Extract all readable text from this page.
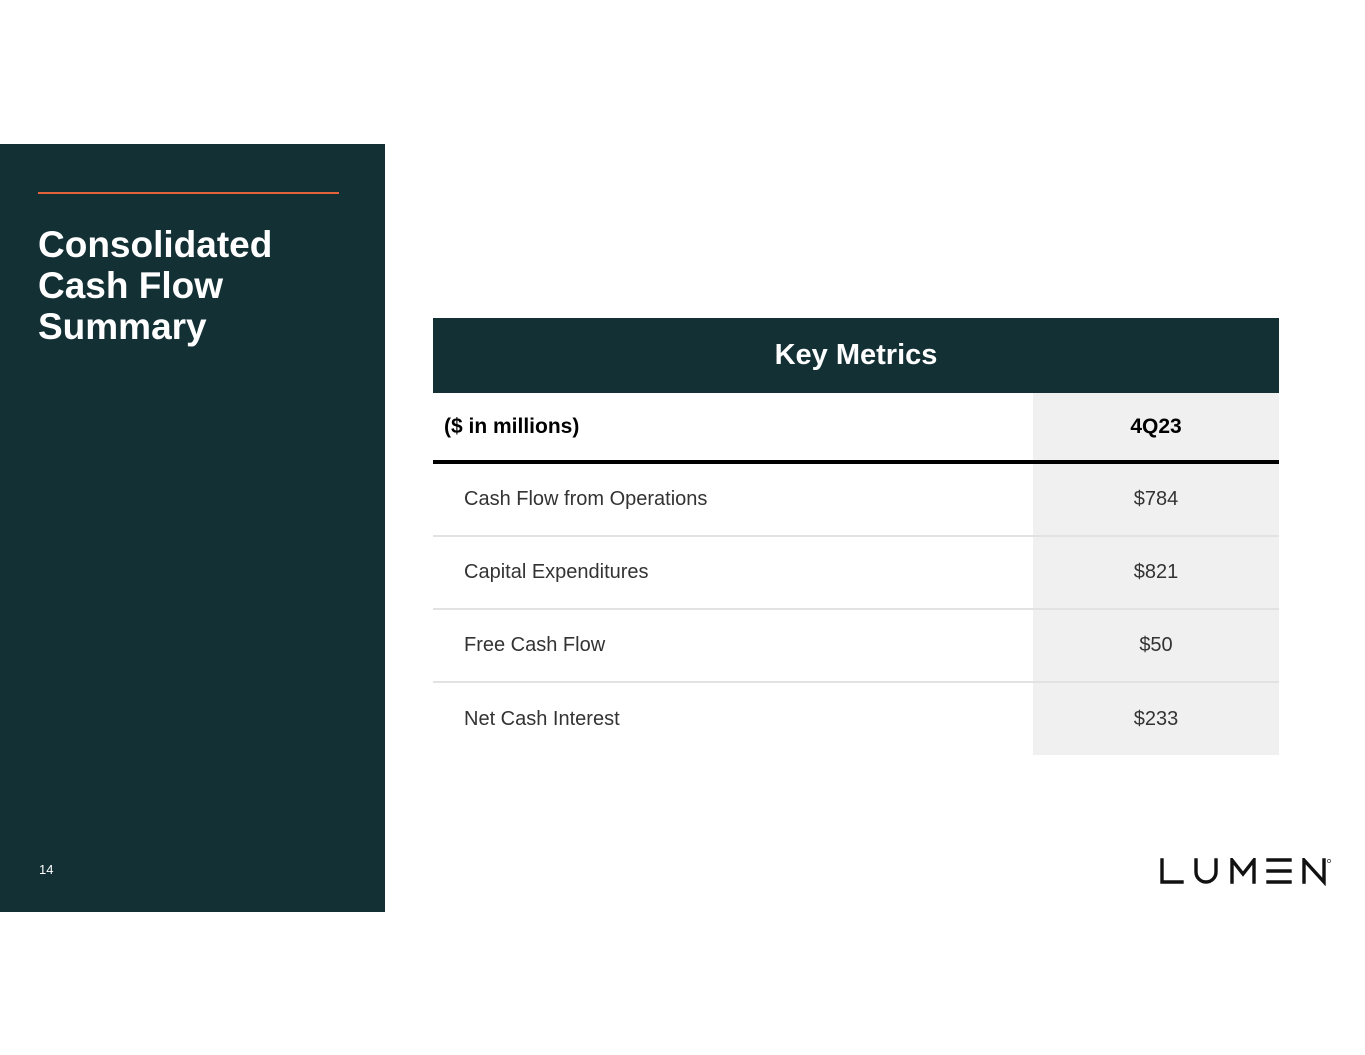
Consolidated
Cash Flow
Summary
14
Key Metrics
($ in millions)	4Q23
Cash Flow from Operations	$784
Capital Expenditures	$821
Free Cash Flow	$50
Net Cash Interest	$233
